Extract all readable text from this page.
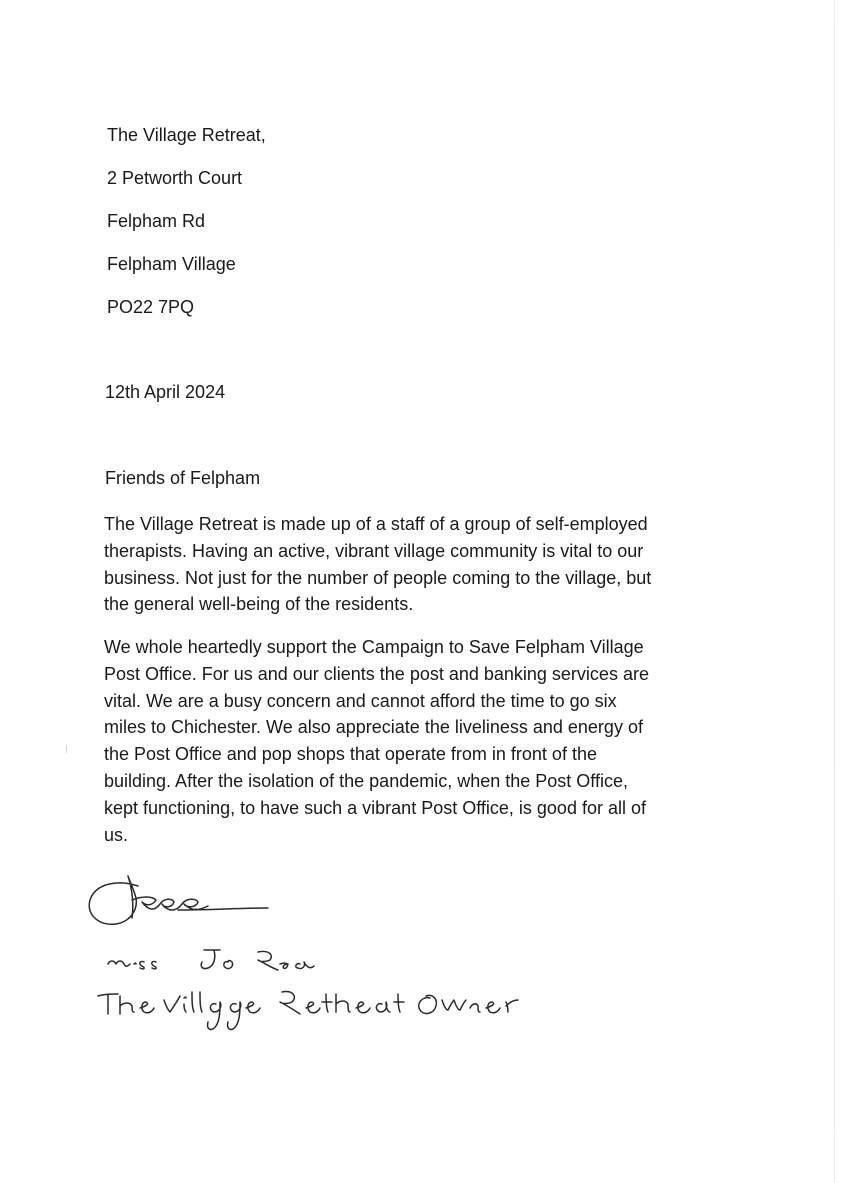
The Village Retreat,
2 Petworth Court
Felpham Rd
Felpham Village
PO22 7PQ
12th April 2024
Friends of Felpham

The Village Retreat is made up of a staff of a group of self-employed
therapists. Having an active, vibrant village community is vital to our
business. Not just for the number of people coming to the village, but
the general well-being of the residents.

We whole heartedly support the Campaign to Save Felpham Village
Post Office. For us and our clients the post and banking services are
vital. We are a busy concern and cannot afford the time to go six
miles to Chichester. We also appreciate the liveliness and energy of
the Post Office and pop shops that operate from in front of the
building. After the isolation of the pandemic, when the Post Office,
kept functioning, to have such a vibrant Post Office, is good for all of
us.
